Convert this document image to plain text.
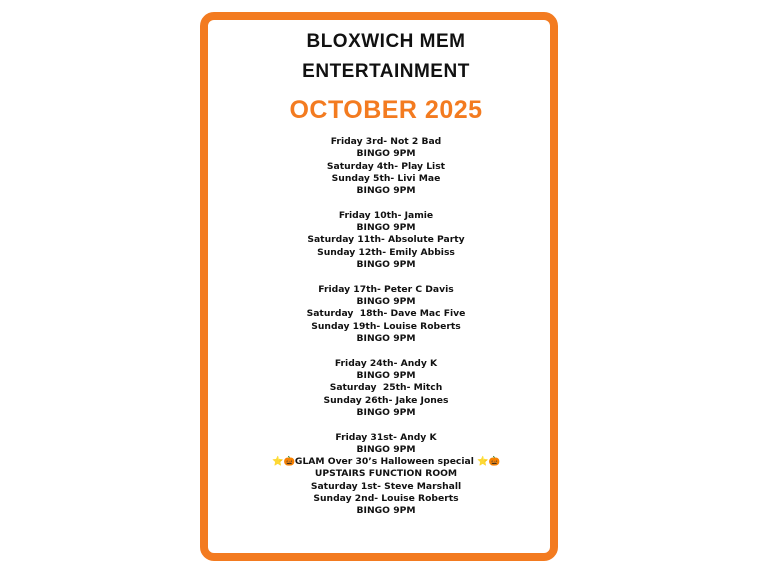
BLOXWICH MEM
ENTERTAINMENT
OCTOBER 2025
Friday 3rd- Not 2 Bad
BINGO 9PM
Saturday 4th- Play List
Sunday 5th- Livi Mae
BINGO 9PM
Friday 10th- Jamie
BINGO 9PM
Saturday 11th- Absolute Party
Sunday 12th- Emily Abbiss
BINGO 9PM
Friday 17th- Peter C Davis
BINGO 9PM
Saturday  18th- Dave Mac Five
Sunday 19th- Louise Roberts
BINGO 9PM
Friday 24th- Andy K
BINGO 9PM
Saturday  25th- Mitch
Sunday 26th- Jake Jones
BINGO 9PM
Friday 31st- Andy K
BINGO 9PM
⭐🎃GLAM Over 30’s Halloween special ⭐🎃
UPSTAIRS FUNCTION ROOM
Saturday 1st- Steve Marshall
Sunday 2nd- Louise Roberts
BINGO 9PM
